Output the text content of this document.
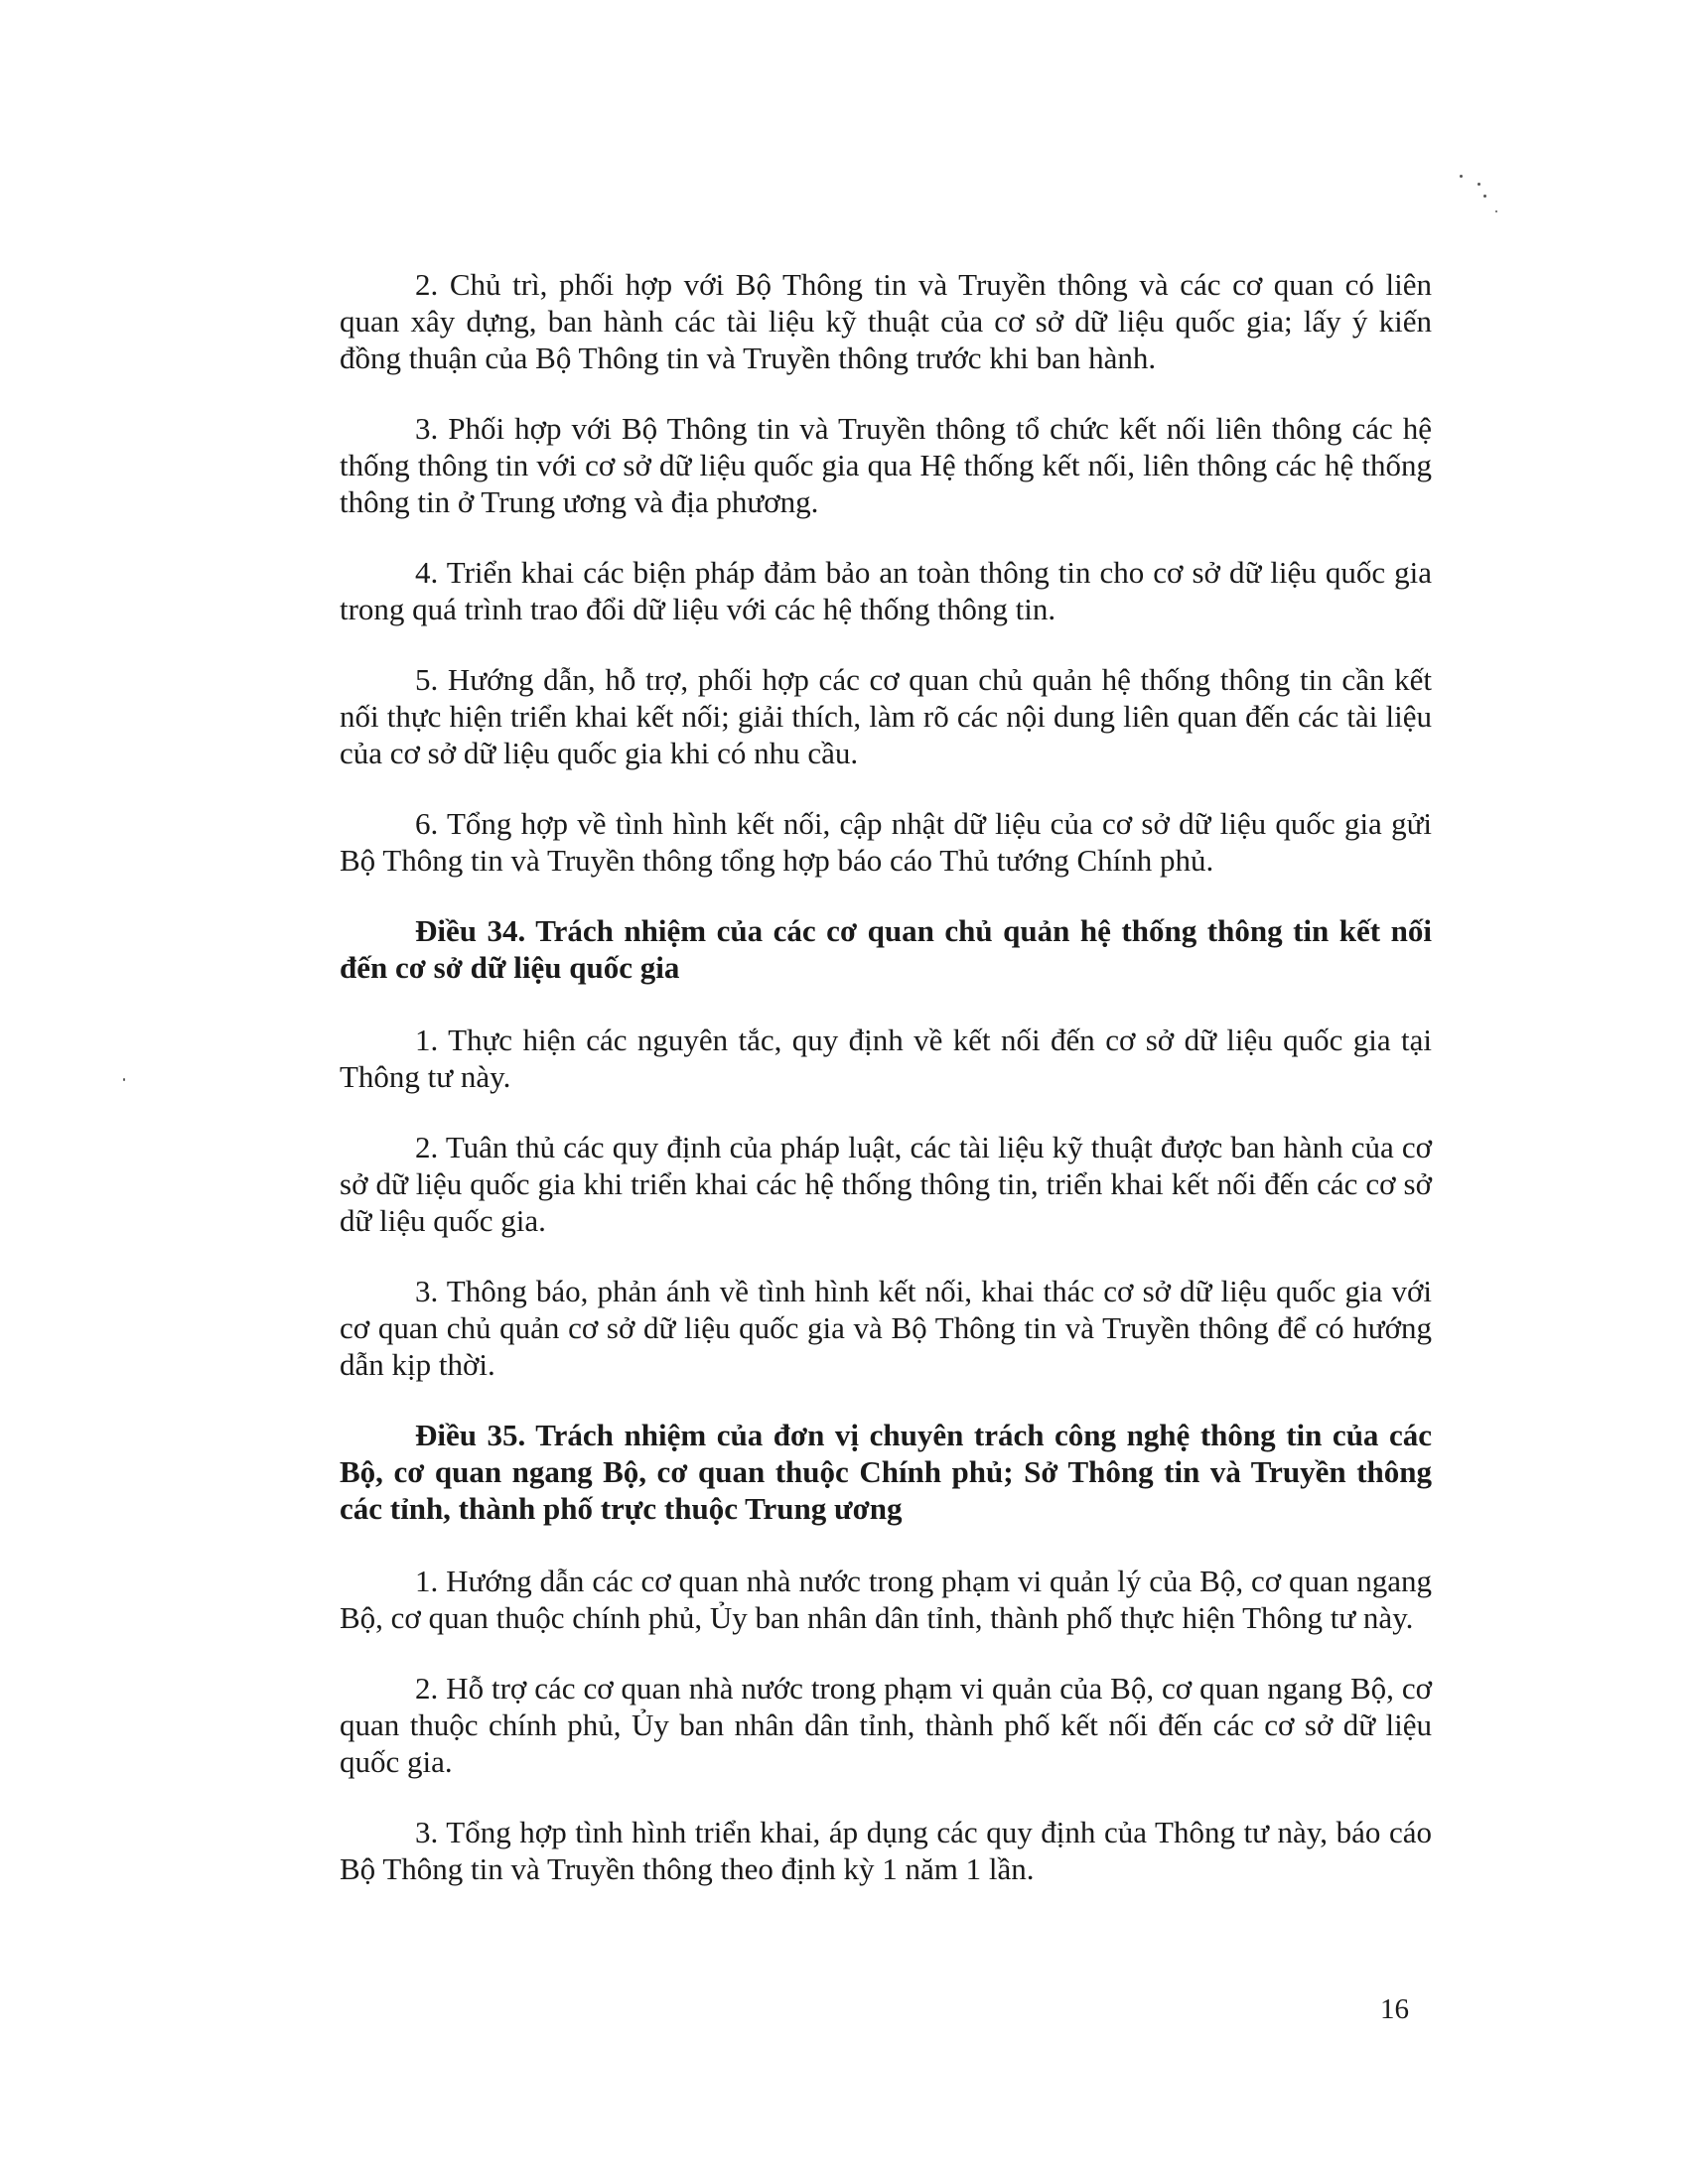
2. Chủ trì, phối hợp với Bộ Thông tin và Truyền thông và các cơ quan có liên quan xây dựng, ban hành các tài liệu kỹ thuật của cơ sở dữ liệu quốc gia; lấy ý kiến đồng thuận của Bộ Thông tin và Truyền thông trước khi ban hành.

3. Phối hợp với Bộ Thông tin và Truyền thông tổ chức kết nối liên thông các hệ thống thông tin với cơ sở dữ liệu quốc gia qua Hệ thống kết nối, liên thông các hệ thống thông tin ở Trung ương và địa phương.

4. Triển khai các biện pháp đảm bảo an toàn thông tin cho cơ sở dữ liệu quốc gia trong quá trình trao đổi dữ liệu với các hệ thống thông tin.

5. Hướng dẫn, hỗ trợ, phối hợp các cơ quan chủ quản hệ thống thông tin cần kết nối thực hiện triển khai kết nối; giải thích, làm rõ các nội dung liên quan đến các tài liệu của cơ sở dữ liệu quốc gia khi có nhu cầu.

6. Tổng hợp về tình hình kết nối, cập nhật dữ liệu của cơ sở dữ liệu quốc gia gửi Bộ Thông tin và Truyền thông tổng hợp báo cáo Thủ tướng Chính phủ.

Điều 34. Trách nhiệm của các cơ quan chủ quản hệ thống thông tin kết nối đến cơ sở dữ liệu quốc gia

1. Thực hiện các nguyên tắc, quy định về kết nối đến cơ sở dữ liệu quốc gia tại Thông tư này.

2. Tuân thủ các quy định của pháp luật, các tài liệu kỹ thuật được ban hành của cơ sở dữ liệu quốc gia khi triển khai các hệ thống thông tin, triển khai kết nối đến các cơ sở dữ liệu quốc gia.

3. Thông báo, phản ánh về tình hình kết nối, khai thác cơ sở dữ liệu quốc gia với cơ quan chủ quản cơ sở dữ liệu quốc gia và Bộ Thông tin và Truyền thông để có hướng dẫn kịp thời.

Điều 35. Trách nhiệm của đơn vị chuyên trách công nghệ thông tin của các Bộ, cơ quan ngang Bộ, cơ quan thuộc Chính phủ; Sở Thông tin và Truyền thông các tỉnh, thành phố trực thuộc Trung ương

1. Hướng dẫn các cơ quan nhà nước trong phạm vi quản lý của Bộ, cơ quan ngang Bộ, cơ quan thuộc chính phủ, Ủy ban nhân dân tỉnh, thành phố thực hiện Thông tư này.

2. Hỗ trợ các cơ quan nhà nước trong phạm vi quản của Bộ, cơ quan ngang Bộ, cơ quan thuộc chính phủ, Ủy ban nhân dân tỉnh, thành phố kết nối đến các cơ sở dữ liệu quốc gia.

3. Tổng hợp tình hình triển khai, áp dụng các quy định của Thông tư này, báo cáo Bộ Thông tin và Truyền thông theo định kỳ 1 năm 1 lần.

16
